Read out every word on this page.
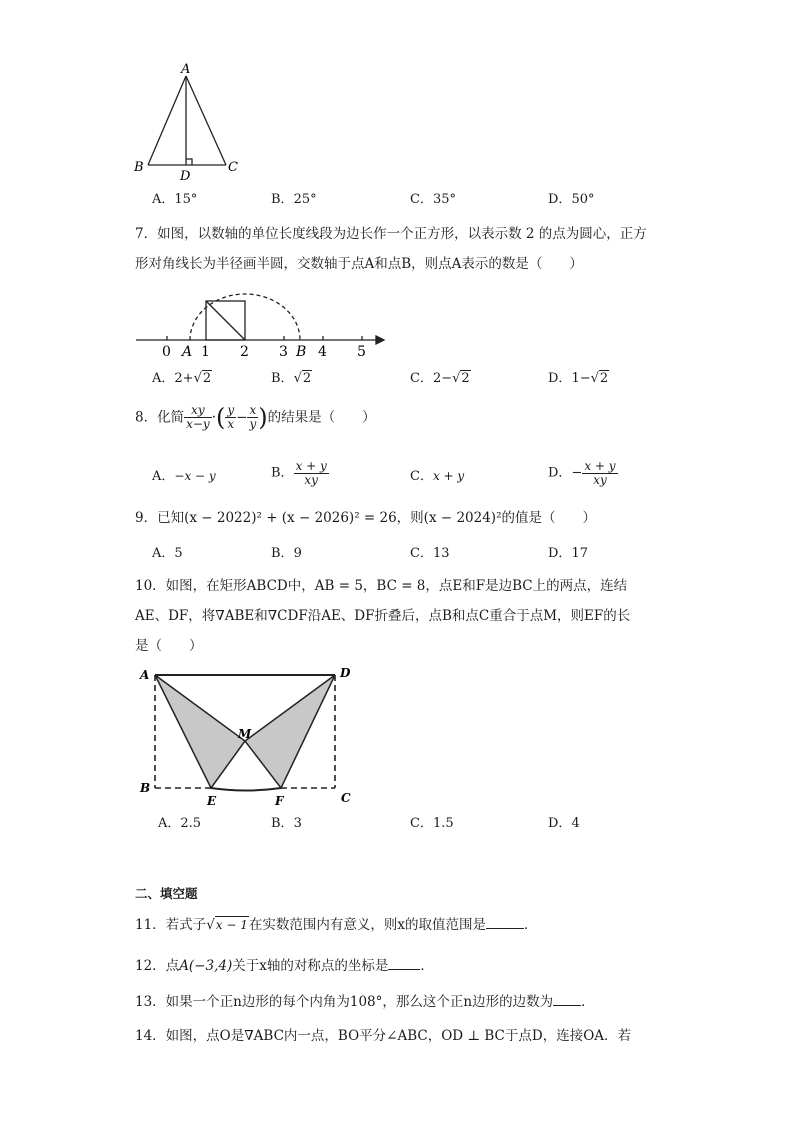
A
B	C
D
A．15°	B．25°	C．35°	D．50°
7．如图，以数轴的单位长度线段为边长作一个正方形，以表示数 2 的点为圆心，正方
形对角线长为半径画半圆，交数轴于点A和点B，则点A表示的数是（　　）
0 A 1 2 3 B 4 5
A．2+√2	B．√2	C．2−√2	D．1−√2
8．化简 $\frac{xy}{x-y}$ ·( $\frac{y}{x} - \frac{x}{y}$ )的结果是（　　）
A．−x − y	B． $\frac{x + y}{xy}$	C．x + y	D．− $\frac{x + y}{xy}$
9．已知(x − 2022)² + (x − 2026)² = 26，则(x − 2024)²的值是（　　）
A．5	B．9	C．13	D．17
10．如图，在矩形ABCD中，AB = 5，BC = 8，点E和F是边BC上的两点，连结
AE、DF，将∇ABE和∇CDF沿AE、DF折叠后，点B和点C重合于点M，则EF的长
是（　　）
A	D
M
B
E	F	C
A．2.5	B．3	C．1.5	D．4
二、填空题
11．若式子√x − 1在实数范围内有意义，则x的取值范围是	．
12．点A(−3,4)关于x轴的对称点的坐标是 ．
13．如果一个正n边形的每个内角为108°，那么这个正n边形的边数为 ．
14．如图，点O是∇ABC内一点，BO平分∠ABC，OD ⊥ BC于点D，连接OA．若
